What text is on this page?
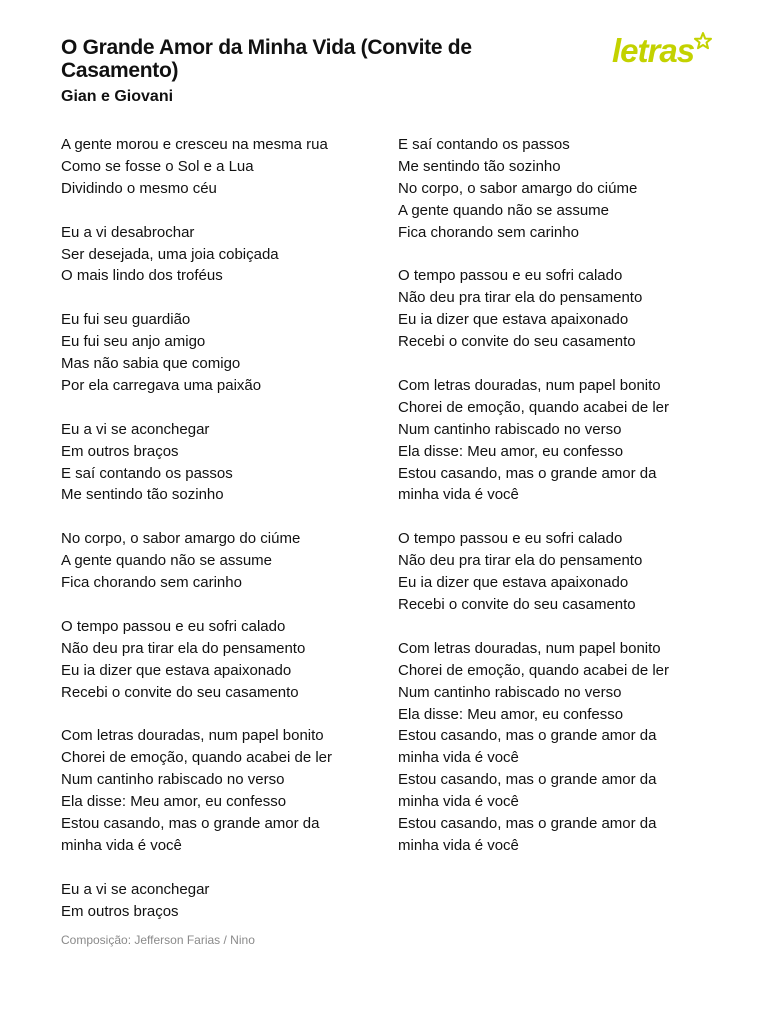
O Grande Amor da Minha Vida (Convite de Casamento)
Gian e Giovani
letras
A gente morou e cresceu na mesma rua
Como se fosse o Sol e a Lua
Dividindo o mesmo céu
Eu a vi desabrochar
Ser desejada, uma joia cobiçada
O mais lindo dos troféus
Eu fui seu guardião
Eu fui seu anjo amigo
Mas não sabia que comigo
Por ela carregava uma paixão
Eu a vi se aconchegar
Em outros braços
E saí contando os passos
Me sentindo tão sozinho
No corpo, o sabor amargo do ciúme
A gente quando não se assume
Fica chorando sem carinho
O tempo passou e eu sofri calado
Não deu pra tirar ela do pensamento
Eu ia dizer que estava apaixonado
Recebi o convite do seu casamento
Com letras douradas, num papel bonito
Chorei de emoção, quando acabei de ler
Num cantinho rabiscado no verso
Ela disse: Meu amor, eu confesso
Estou casando, mas o grande amor da
minha vida é você
Eu a vi se aconchegar
Em outros braços
E saí contando os passos
Me sentindo tão sozinho
No corpo, o sabor amargo do ciúme
A gente quando não se assume
Fica chorando sem carinho
O tempo passou e eu sofri calado
Não deu pra tirar ela do pensamento
Eu ia dizer que estava apaixonado
Recebi o convite do seu casamento
Com letras douradas, num papel bonito
Chorei de emoção, quando acabei de ler
Num cantinho rabiscado no verso
Ela disse: Meu amor, eu confesso
Estou casando, mas o grande amor da
minha vida é você
O tempo passou e eu sofri calado
Não deu pra tirar ela do pensamento
Eu ia dizer que estava apaixonado
Recebi o convite do seu casamento
Com letras douradas, num papel bonito
Chorei de emoção, quando acabei de ler
Num cantinho rabiscado no verso
Ela disse: Meu amor, eu confesso
Estou casando, mas o grande amor da
minha vida é você
Estou casando, mas o grande amor da
minha vida é você
Estou casando, mas o grande amor da
minha vida é você
Composição: Jefferson Farias / Nino
